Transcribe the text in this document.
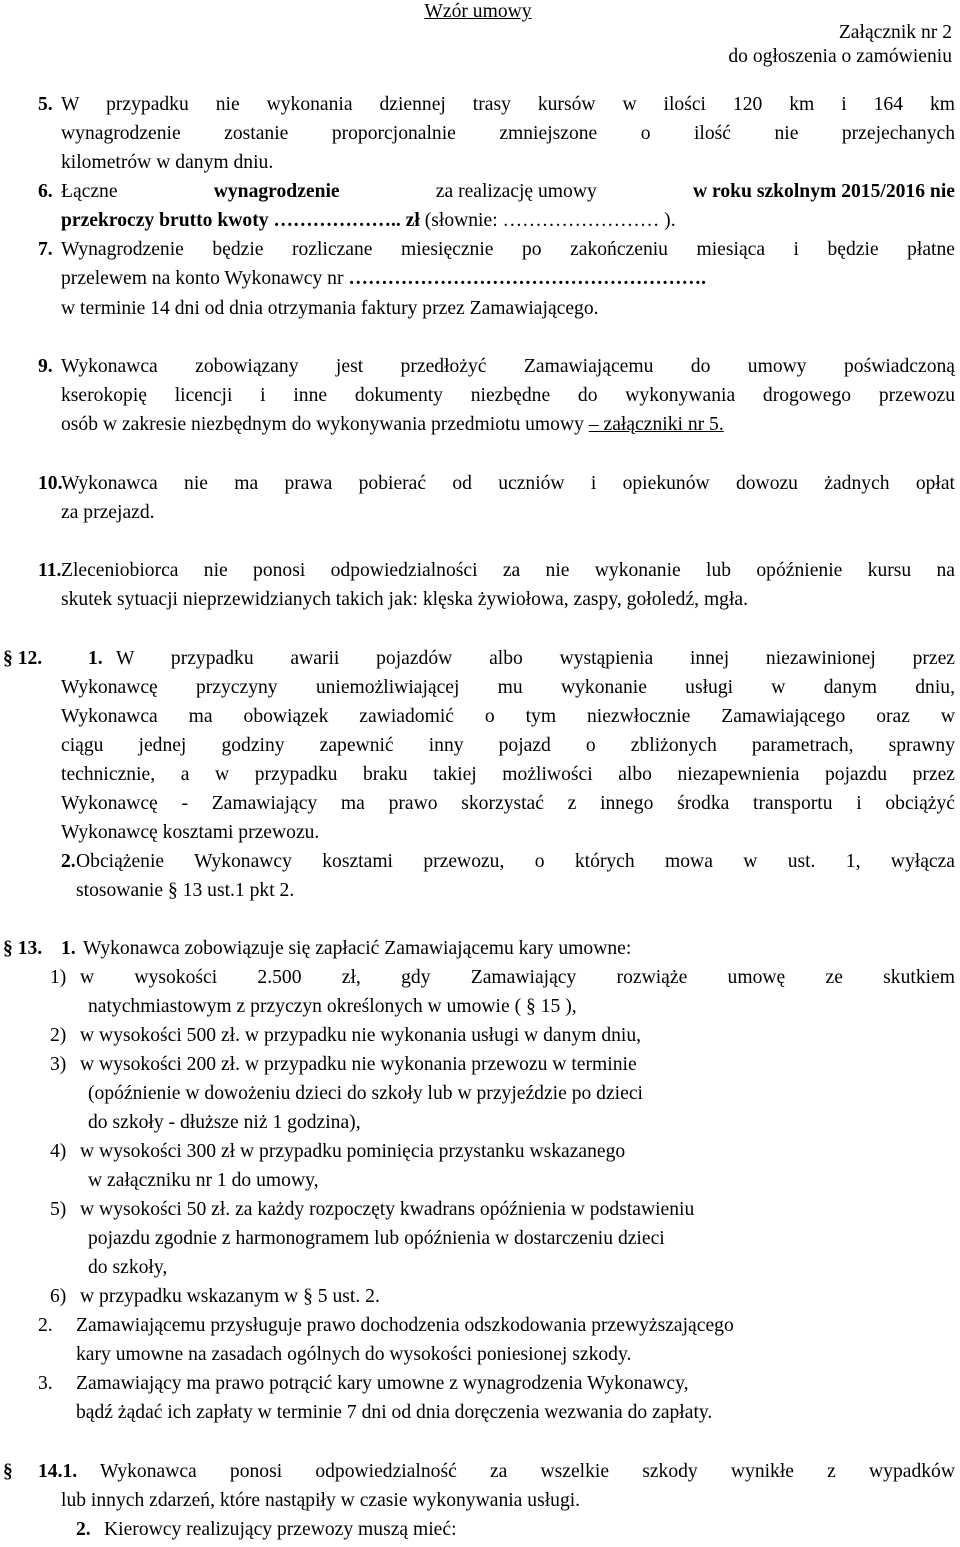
Wzór umowy
Załącznik nr 2
do ogłoszenia o zamówieniu
5. W przypadku nie wykonania dziennej trasy kursów w ilości 120 km i 164 km
wynagrodzenie zostanie proporcjonalnie zmniejszone o ilość nie przejechanych
kilometrów w danym dniu.
6. Łączne	wynagrodzenie	za realizację umowy	w roku szkolnym 2015/2016 nie
przekroczy brutto kwoty ……………….. zł (słownie: …………………… ).
7. Wynagrodzenie będzie rozliczane miesięcznie po zakończeniu miesiąca i będzie płatne
przelewem na konto Wykonawcy nr ……………………………………………….
w terminie 14 dni od dnia otrzymania faktury przez Zamawiającego.
9. Wykonawca zobowiązany jest przedłożyć Zamawiającemu do umowy poświadczoną
kserokopię licencji i inne dokumenty niezbędne do wykonywania drogowego przewozu
osób w zakresie niezbędnym do wykonywania przedmiotu umowy – załączniki nr 5.
10.
Wykonawca nie ma prawa pobierać od uczniów i opiekunów dowozu żadnych opłat
za przejazd.
11. Zleceniobiorca nie ponosi odpowiedzialności za nie wykonanie lub opóźnienie kursu na
skutek sytuacji nieprzewidzianych takich jak: klęska żywiołowa, zaspy, gołoledź, mgła.
§ 12. 1. W przypadku awarii pojazdów albo wystąpienia innej niezawinionej przez
Wykonawcę przyczyny uniemożliwiającej mu wykonanie usługi w danym dniu,
Wykonawca ma obowiązek zawiadomić o tym niezwłocznie Zamawiającego oraz w
ciągu jednej godziny zapewnić inny pojazd o zbliżonych parametrach, sprawny
technicznie, a w przypadku braku takiej możliwości albo niezapewnienia pojazdu przez
Wykonawcę - Zamawiający ma prawo skorzystać z innego środka transportu i obciążyć
Wykonawcę kosztami przewozu.
2. Obciążenie Wykonawcy kosztami przewozu, o których mowa w ust. 1, wyłącza
stosowanie § 13 ust.1 pkt 2.
§ 13. 1. Wykonawca zobowiązuje się zapłacić Zamawiającemu kary umowne:
1) w wysokości 2.500 zł, gdy Zamawiający rozwiąże umowę ze skutkiem
natychmiastowym z przyczyn określonych w umowie ( § 15 ),
2) w wysokości 500 zł. w przypadku nie wykonania usługi w danym dniu,
3) w wysokości 200 zł. w przypadku nie wykonania przewozu w terminie
(opóźnienie w dowożeniu dzieci do szkoły lub w przyjeździe po dzieci
do szkoły - dłuższe niż 1 godzina),
4) w wysokości 300 zł w przypadku pominięcia przystanku wskazanego
w załączniku nr 1 do umowy,
5) w wysokości 50 zł. za każdy rozpoczęty kwadrans opóźnienia w podstawieniu
pojazdu zgodnie z harmonogramem lub opóźnienia w dostarczeniu dzieci
do szkoły,
6) w przypadku wskazanym w § 5 ust. 2.
2. Zamawiającemu przysługuje prawo dochodzenia odszkodowania przewyższającego
kary umowne na zasadach ogólnych do wysokości poniesionej szkody.
3. Zamawiający ma prawo potrącić kary umowne z wynagrodzenia Wykonawcy,
bądź żądać ich zapłaty w terminie 7 dni od dnia doręczenia wezwania do zapłaty.
§ 14.1. Wykonawca ponosi odpowiedzialność za wszelkie szkody wynikłe z wypadków
lub innych zdarzeń, które nastąpiły w czasie wykonywania usługi.
2. Kierowcy realizujący przewozy muszą mieć:
